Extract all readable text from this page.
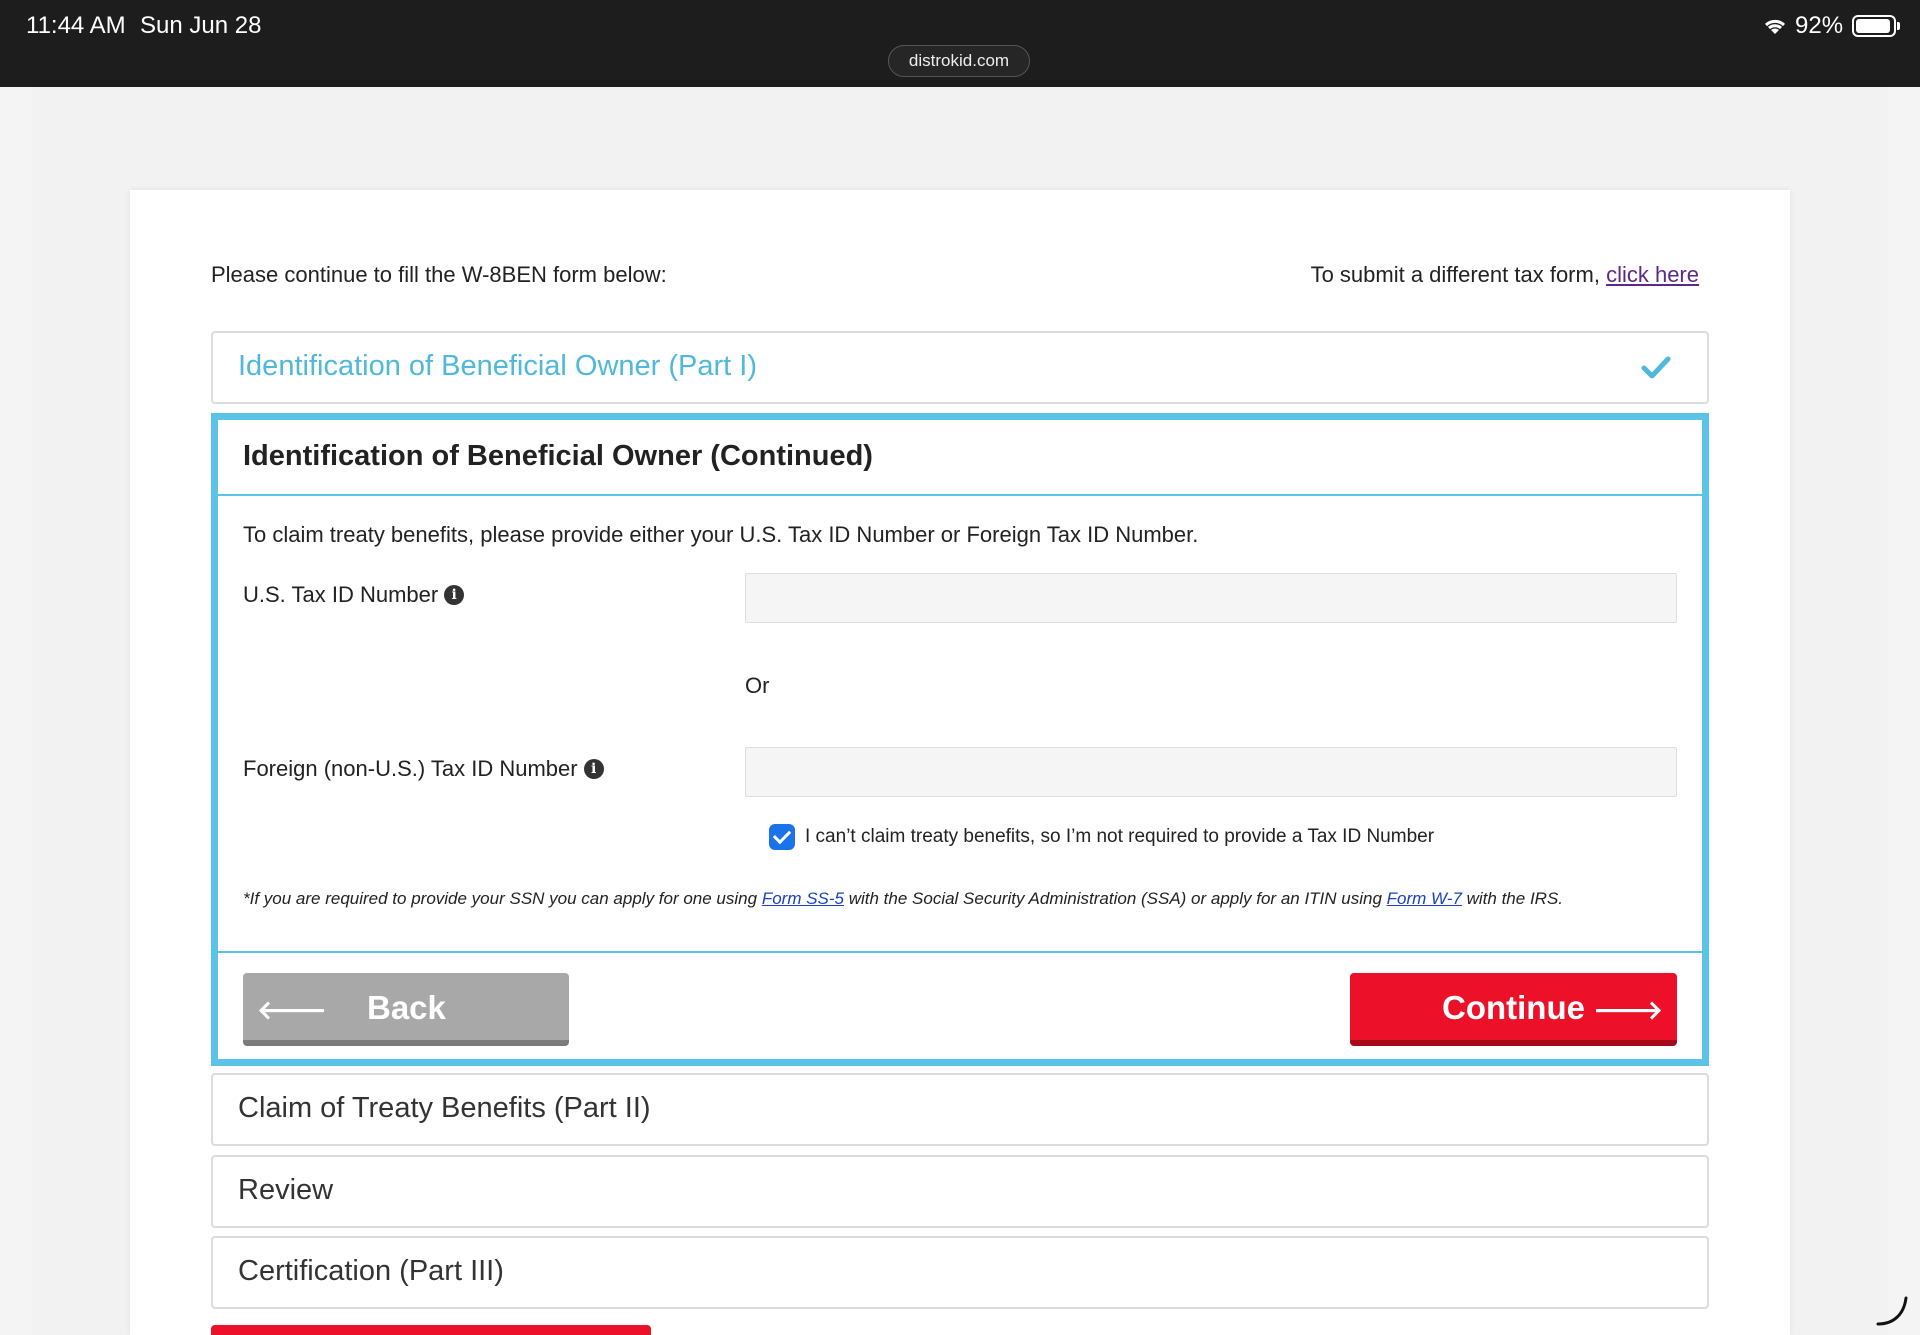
11:44 AM Sun Jun 28
distrokid.com
92%
Please continue to fill the W-8BEN form below:	To submit a different tax form, click here
Identification of Beneficial Owner (Part I)
Identification of Beneficial Owner (Continued)
To claim treaty benefits, please provide either your U.S. Tax ID Number or Foreign Tax ID Number.
U.S. Tax ID Number i
Or
Foreign (non-U.S.) Tax ID Number i
I can’t claim treaty benefits, so I’m not required to provide a Tax ID Number
*If you are required to provide your SSN you can apply for one using Form SS-5 with the Social Security Administration (SSA) or apply for an ITIN using Form W-7 with the IRS.
🡐 Back	Continue 🡒
Claim of Treaty Benefits (Part II)
Review
Certification (Part III)
